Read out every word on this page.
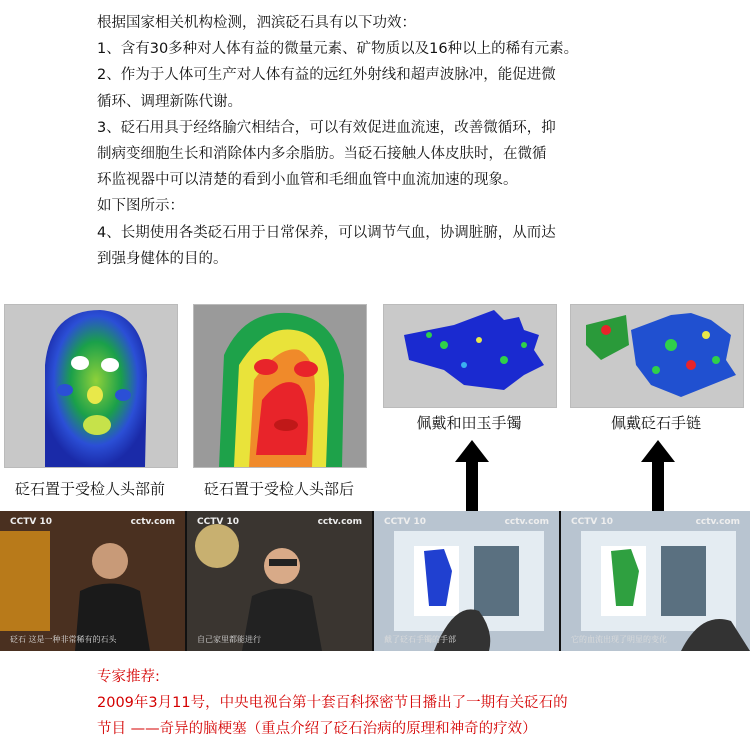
根据国家相关机构检测，泗滨砭石具有以下功效：

1、含有30多种对人体有益的微量元素、矿物质以及16种以上的稀有元素。

2、作为于人体可生产对人体有益的远红外射线和超声波脉冲，能促进微

循环、调理新陈代谢。

3、砭石用具于经络腧穴相结合，可以有效促进血流速，改善微循环，抑

制病变细胞生长和消除体内多余脂肪。当砭石接触人体皮肤时，在微循

环监视器中可以清楚的看到小血管和毛细血管中血流加速的现象。

如下图所示：

4、长期使用各类砭石用于日常保养，可以调节气血，协调脏腑，从而达

到强身健体的目的。

砭石置于受检人头部前	砭石置于受检人头部后
佩戴和田玉手镯	佩戴砭石手链
CCTV 10	cctv.com
砭石 这是一种非常稀有的石头
CCTV 10	cctv.com
自己家里都能进行
CCTV 10	cctv.com
戴了砭石手镯的手部
CCTV 10	cctv.com
它的血流出现了明显的变化

专家推荐:

2009年3月11号，中央电视台第十套百科探密节目播出了一期有关砭石的

节目 ——奇异的脑梗塞（重点介绍了砭石治病的原理和神奇的疗效）
